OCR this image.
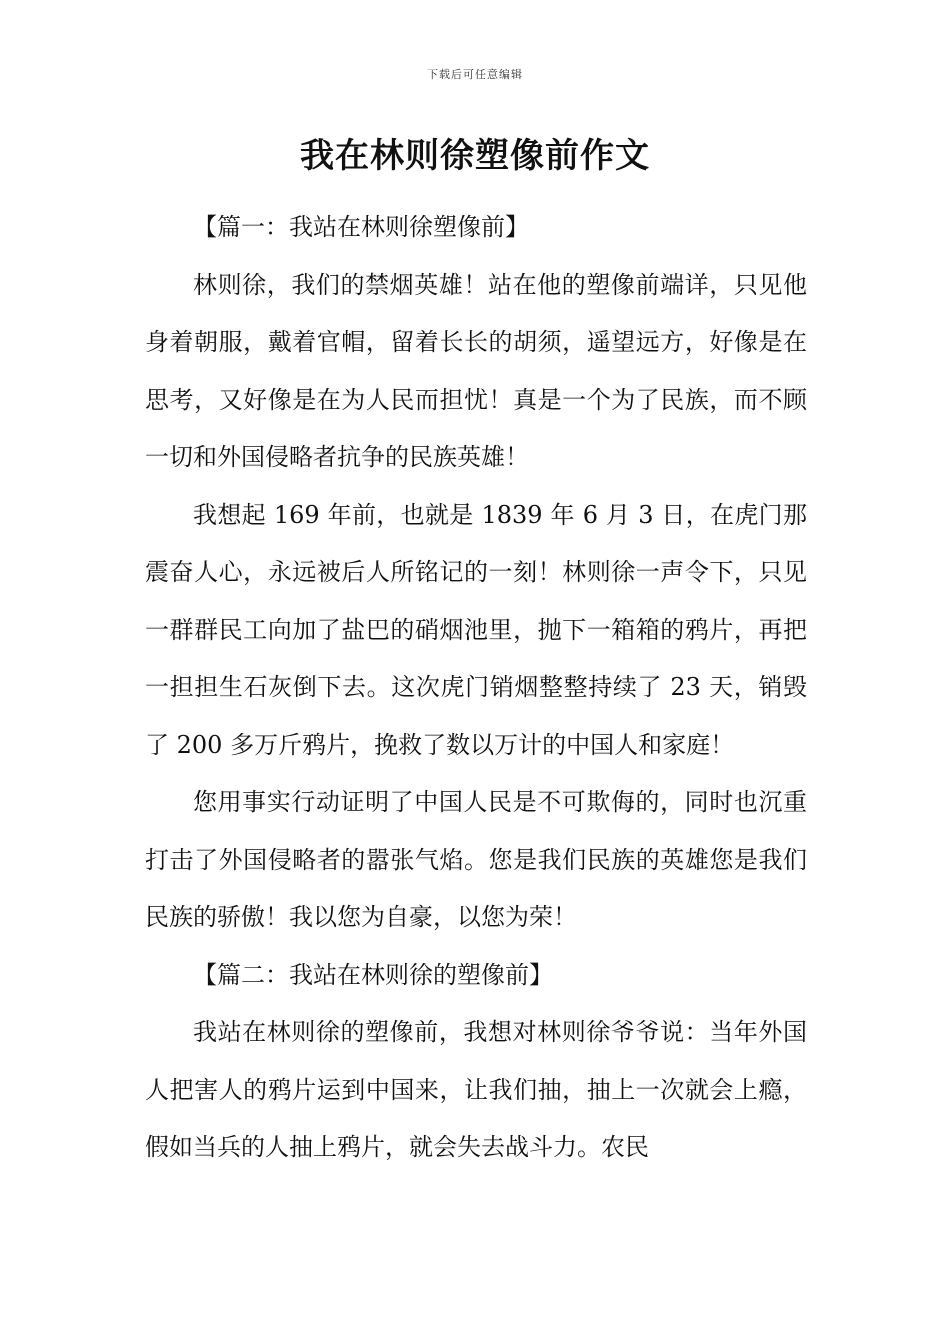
下载后可任意编辑
我在林则徐塑像前作文

【篇一：我站在林则徐塑像前】

林则徐，我们的禁烟英雄！站在他的塑像前端详，只见他身着朝服，戴着官帽，留着长长的胡须，遥望远方，好像是在思考，又好像是在为人民而担忧！真是一个为了民族，而不顾一切和外国侵略者抗争的民族英雄！

我想起 169 年前，也就是 1839 年 6 月 3 日，在虎门那震奋人心，永远被后人所铭记的一刻！林则徐一声令下，只见一群群民工向加了盐巴的硝烟池里，抛下一箱箱的鸦片，再把一担担生石灰倒下去。这次虎门销烟整整持续了 23 天，销毁了 200 多万斤鸦片，挽救了数以万计的中国人和家庭！

您用事实行动证明了中国人民是不可欺侮的，同时也沉重打击了外国侵略者的嚣张气焰。您是我们民族的英雄您是我们民族的骄傲！我以您为自豪，以您为荣！

【篇二：我站在林则徐的塑像前】

我站在林则徐的塑像前，我想对林则徐爷爷说：当年外国人把害人的鸦片运到中国来，让我们抽，抽上一次就会上瘾，假如当兵的人抽上鸦片，就会失去战斗力。农民
